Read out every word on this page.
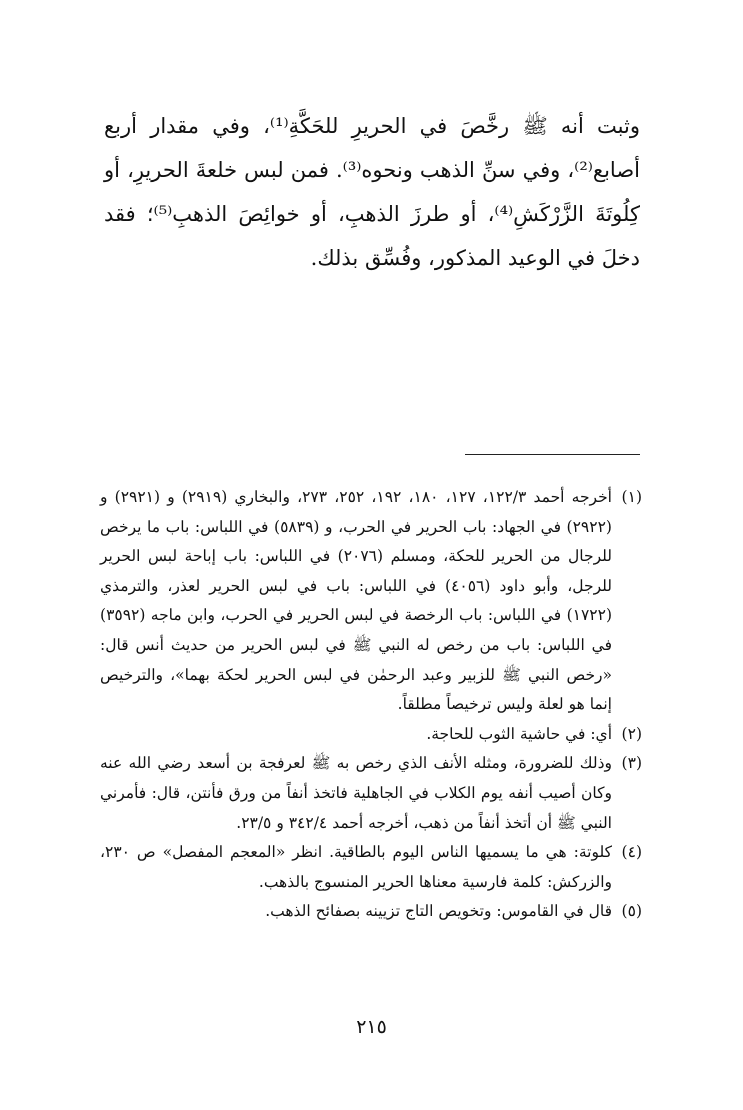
وثبت أنه ﷺ رخَّصَ في الحريرِ للحَكَّةِ⁽¹⁾، وفي مقدار أربع أصابع⁽²⁾، وفي سنِّ الذهب ونحوه⁽³⁾. فمن لبس خلعةَ الحريرِ، أو كِلُوتَةَ الزَّرْكَشِ⁽⁴⁾، أو طرزَ الذهبِ، أو خوائِصَ الذهبِ⁽⁵⁾؛ فقد دخلَ في الوعيد المذكور، وفُسِّق بذلك.

(١)
أخرجه أحمد ١٢٢/٣، ١٢٧، ١٨٠، ١٩٢، ٢٥٢، ٢٧٣، والبخاري (٢٩١٩) و (٢٩٢١) و (٢٩٢٢) في الجهاد: باب الحرير في الحرب، و (٥٨٣٩) في اللباس: باب ما يرخص للرجال من الحرير للحكة، ومسلم (٢٠٧٦) في اللباس: باب إباحة لبس الحرير للرجل، وأبو داود (٤٠٥٦) في اللباس: باب في لبس الحرير لعذر، والترمذي (١٧٢٢) في اللباس: باب الرخصة في لبس الحرير في الحرب، وابن ماجه (٣٥٩٢) في اللباس: باب من رخص له النبي ﷺ في لبس الحرير من حديث أنس قال: «رخص النبي ﷺ للزبير وعبد الرحمٰن في لبس الحرير لحكة بهما»، والترخيص إنما هو لعلة وليس ترخيصاً مطلقاً.
(٢)
أي: في حاشية الثوب للحاجة.
(٣)
وذلك للضرورة، ومثله الأنف الذي رخص به ﷺ لعرفجة بن أسعد رضي الله عنه وكان أصيب أنفه يوم الكلاب في الجاهلية فاتخذ أنفاً من ورق فأنتن، قال: فأمرني النبي ﷺ أن أتخذ أنفاً من ذهب، أخرجه أحمد ٣٤٢/٤ و ٢٣/٥.
(٤)
كلوتة: هي ما يسميها الناس اليوم بالطاقية. انظر «المعجم المفصل» ص ٢٣٠، والزركش: كلمة فارسية معناها الحرير المنسوج بالذهب.
(٥)
قال في القاموس: وتخويص التاج تزيينه بصفائح الذهب.
٢١٥
